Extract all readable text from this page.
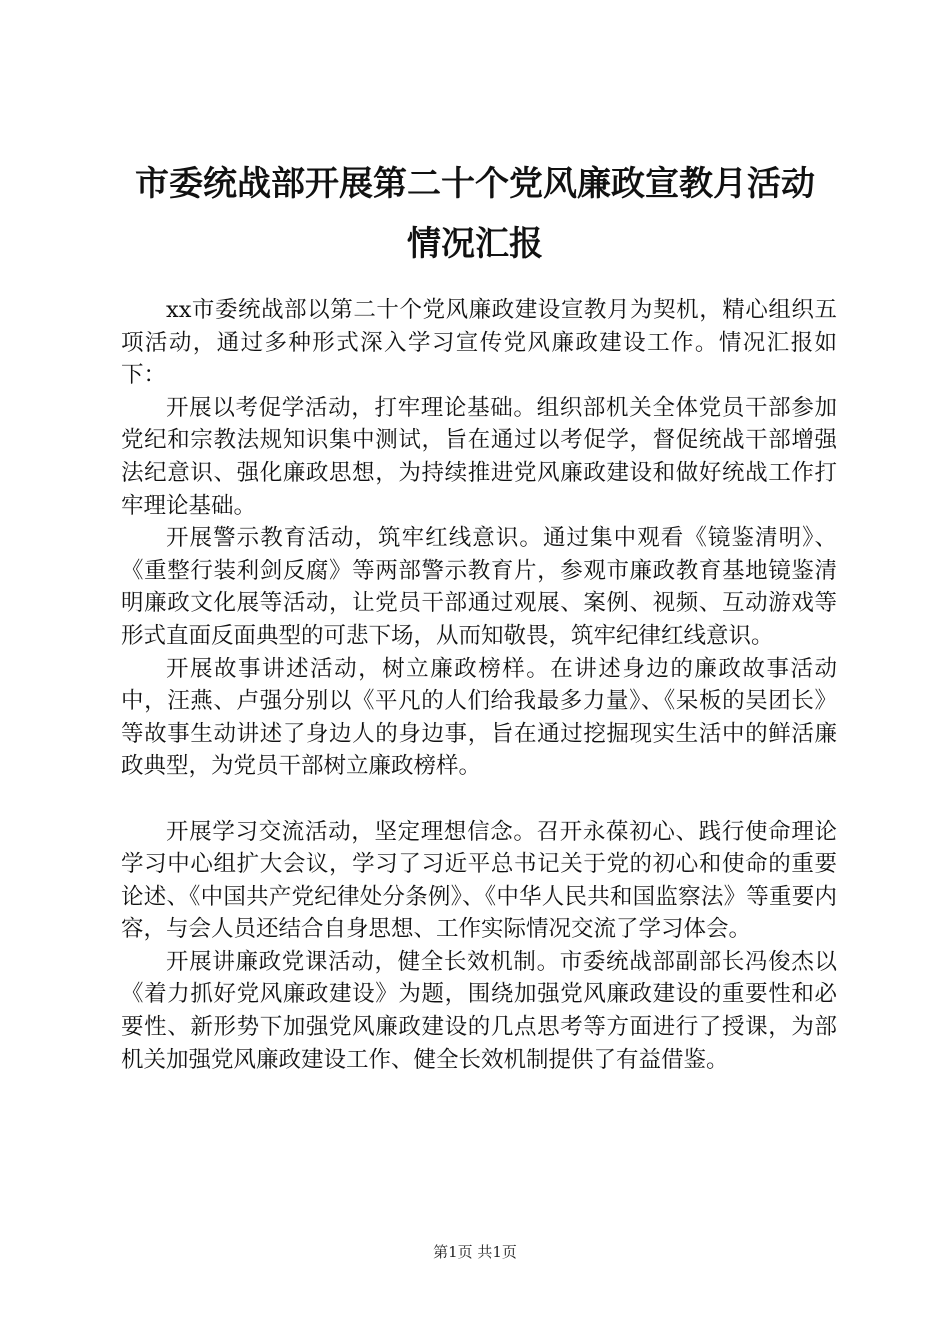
市委统战部开展第二十个党风廉政宣教月活动
情况汇报

xx市委统战部以第二十个党风廉政建设宣教月为契机，精心组织五项活动，通过多种形式深入学习宣传党风廉政建设工作。情况汇报如下：

开展以考促学活动，打牢理论基础。组织部机关全体党员干部参加党纪和宗教法规知识集中测试，旨在通过以考促学，督促统战干部增强法纪意识、强化廉政思想，为持续推进党风廉政建设和做好统战工作打牢理论基础。

开展警示教育活动，筑牢红线意识。通过集中观看《镜鉴清明》、《重整行装利剑反腐》等两部警示教育片，参观市廉政教育基地镜鉴清明廉政文化展等活动，让党员干部通过观展、案例、视频、互动游戏等形式直面反面典型的可悲下场，从而知敬畏，筑牢纪律红线意识。

开展故事讲述活动，树立廉政榜样。在讲述身边的廉政故事活动中，汪燕、卢强分别以《平凡的人们给我最多力量》、《呆板的吴团长》等故事生动讲述了身边人的身边事，旨在通过挖掘现实生活中的鲜活廉政典型，为党员干部树立廉政榜样。

开展学习交流活动，坚定理想信念。召开永葆初心、践行使命理论学习中心组扩大会议，学习了习近平总书记关于党的初心和使命的重要论述、《中国共产党纪律处分条例》、《中华人民共和国监察法》等重要内容，与会人员还结合自身思想、工作实际情况交流了学习体会。

开展讲廉政党课活动，健全长效机制。市委统战部副部长冯俊杰以《着力抓好党风廉政建设》为题，围绕加强党风廉政建设的重要性和必要性、新形势下加强党风廉政建设的几点思考等方面进行了授课，为部机关加强党风廉政建设工作、健全长效机制提供了有益借鉴。

第1页 共1页
